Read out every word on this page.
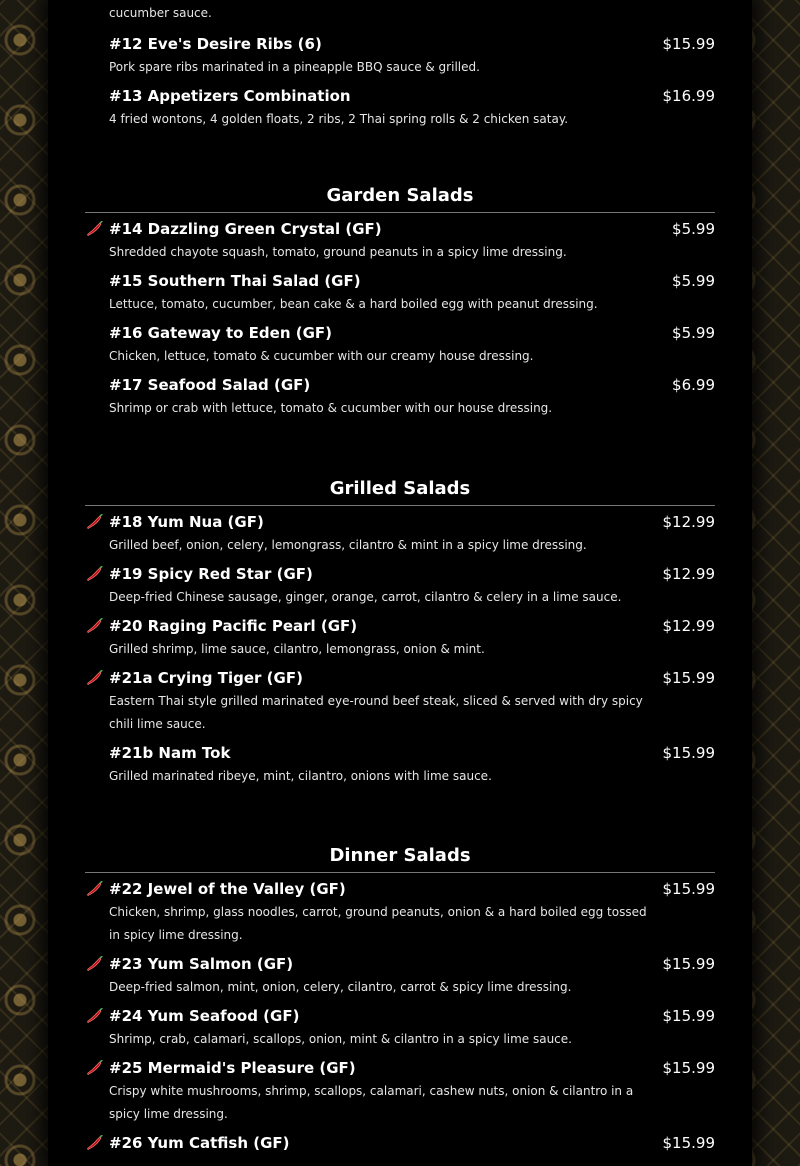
cucumber sauce.

#12 Eve's Desire Ribs (6)	$15.99

Pork spare ribs marinated in a pineapple BBQ sauce & grilled.

#13 Appetizers Combination	$16.99

4 fried wontons, 4 golden floats, 2 ribs, 2 Thai spring rolls & 2 chicken satay.

Garden Salads
#14 Dazzling Green Crystal (GF)	$5.99

Shredded chayote squash, tomato, ground peanuts in a spicy lime dressing.

#15 Southern Thai Salad (GF)	$5.99

Lettuce, tomato, cucumber, bean cake & a hard boiled egg with peanut dressing.

#16 Gateway to Eden (GF)	$5.99

Chicken, lettuce, tomato & cucumber with our creamy house dressing.

#17 Seafood Salad (GF)	$6.99

Shrimp or crab with lettuce, tomato & cucumber with our house dressing.

Grilled Salads
#18 Yum Nua (GF)	$12.99

Grilled beef, onion, celery, lemongrass, cilantro & mint in a spicy lime dressing.

#19 Spicy Red Star (GF)	$12.99

Deep-fried Chinese sausage, ginger, orange, carrot, cilantro & celery in a lime sauce.

#20 Raging Pacific Pearl (GF)	$12.99

Grilled shrimp, lime sauce, cilantro, lemongrass, onion & mint.

#21a Crying Tiger (GF)	$15.99

Eastern Thai style grilled marinated eye-round beef steak, sliced & served with dry spicy chili lime sauce.

#21b Nam Tok	$15.99

Grilled marinated ribeye, mint, cilantro, onions with lime sauce.

Dinner Salads
#22 Jewel of the Valley (GF)	$15.99

Chicken, shrimp, glass noodles, carrot, ground peanuts, onion & a hard boiled egg tossed in spicy lime dressing.

#23 Yum Salmon (GF)	$15.99

Deep-fried salmon, mint, onion, celery, cilantro, carrot & spicy lime dressing.

#24 Yum Seafood (GF)	$15.99

Shrimp, crab, calamari, scallops, onion, mint & cilantro in a spicy lime sauce.

#25 Mermaid's Pleasure (GF)	$15.99

Crispy white mushrooms, shrimp, scallops, calamari, cashew nuts, onion & cilantro in a spicy lime dressing.

#26 Yum Catfish (GF)	$15.99
